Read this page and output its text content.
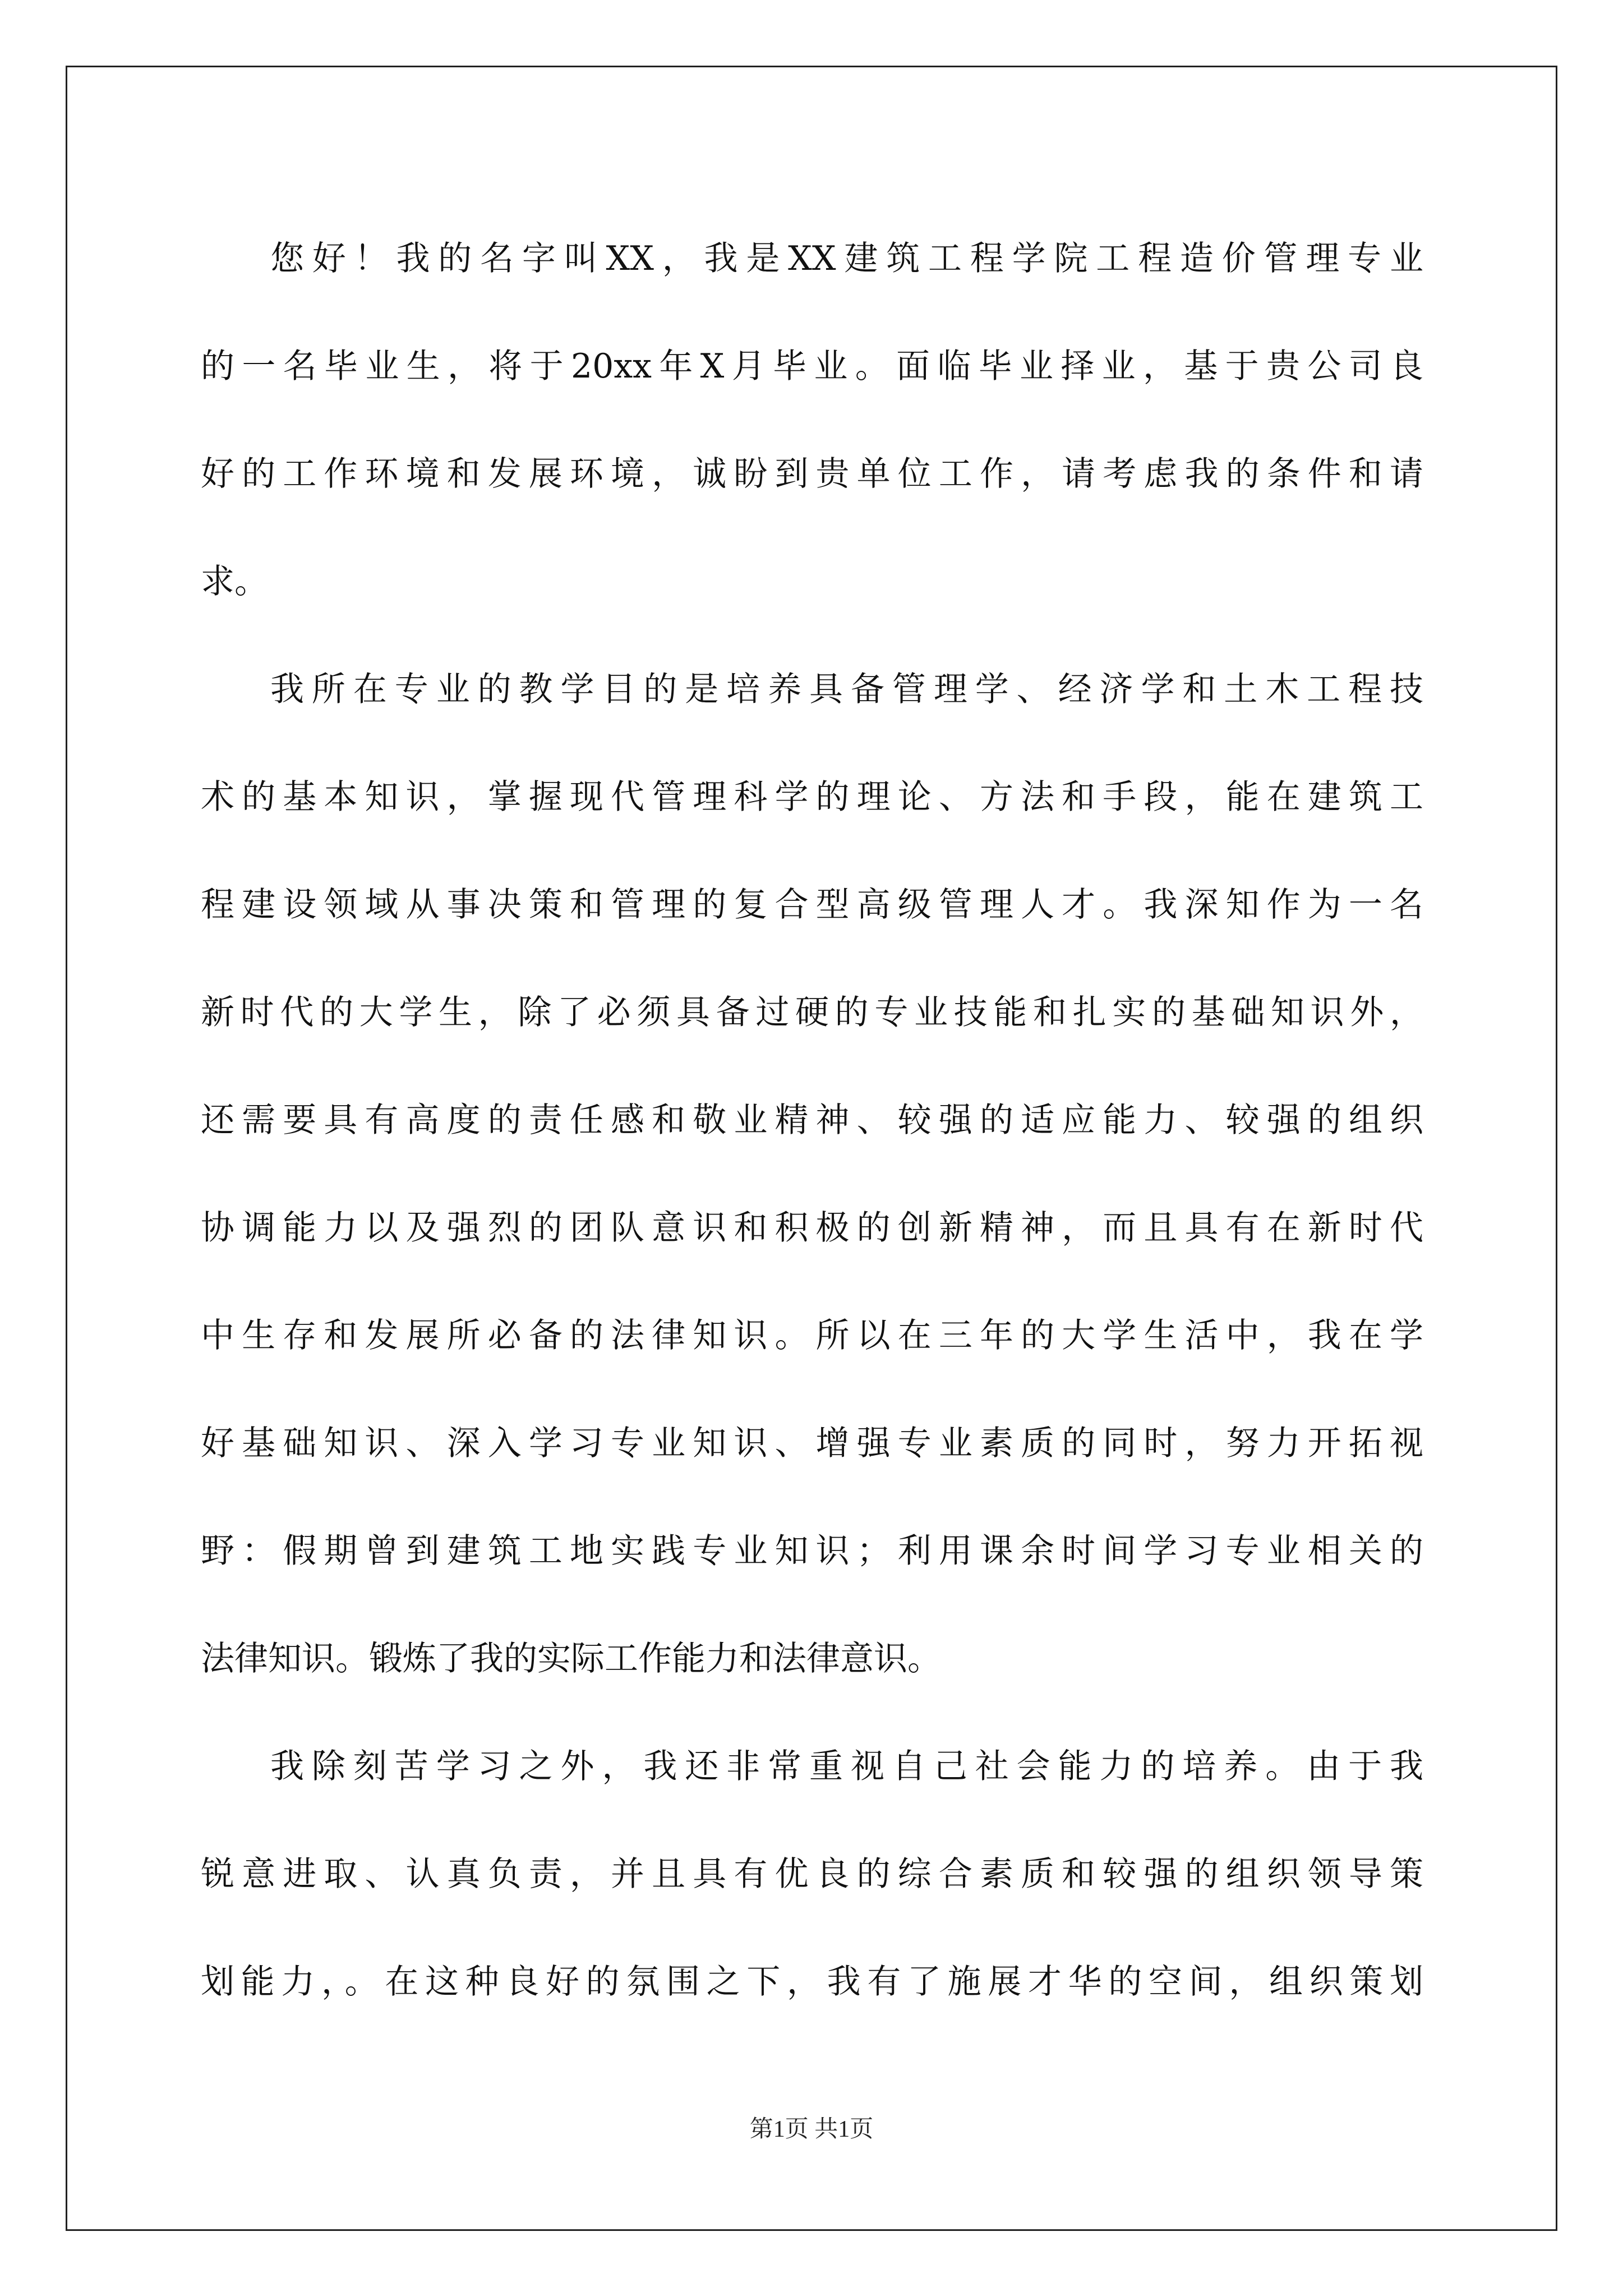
您好！我的名字叫XX，我是XX建筑工程学院工程造价管理专业
的一名毕业生，将于20xx年X月毕业。面临毕业择业，基于贵公司良
好的工作环境和发展环境，诚盼到贵单位工作，请考虑我的条件和请
求。
我所在专业的教学目的是培养具备管理学、经济学和土木工程技
术的基本知识，掌握现代管理科学的理论、方法和手段，能在建筑工
程建设领域从事决策和管理的复合型高级管理人才。我深知作为一名
新时代的大学生，除了必须具备过硬的专业技能和扎实的基础知识外，
还需要具有高度的责任感和敬业精神、较强的适应能力、较强的组织
协调能力以及强烈的团队意识和积极的创新精神，而且具有在新时代
中生存和发展所必备的法律知识。所以在三年的大学生活中，我在学
好基础知识、深入学习专业知识、增强专业素质的同时，努力开拓视
野：假期曾到建筑工地实践专业知识；利用课余时间学习专业相关的
法律知识。锻炼了我的实际工作能力和法律意识。
我除刻苦学习之外，我还非常重视自己社会能力的培养。由于我
锐意进取、认真负责，并且具有优良的综合素质和较强的组织领导策
划能力，。在这种良好的氛围之下，我有了施展才华的空间，组织策划
第1页 共1页
